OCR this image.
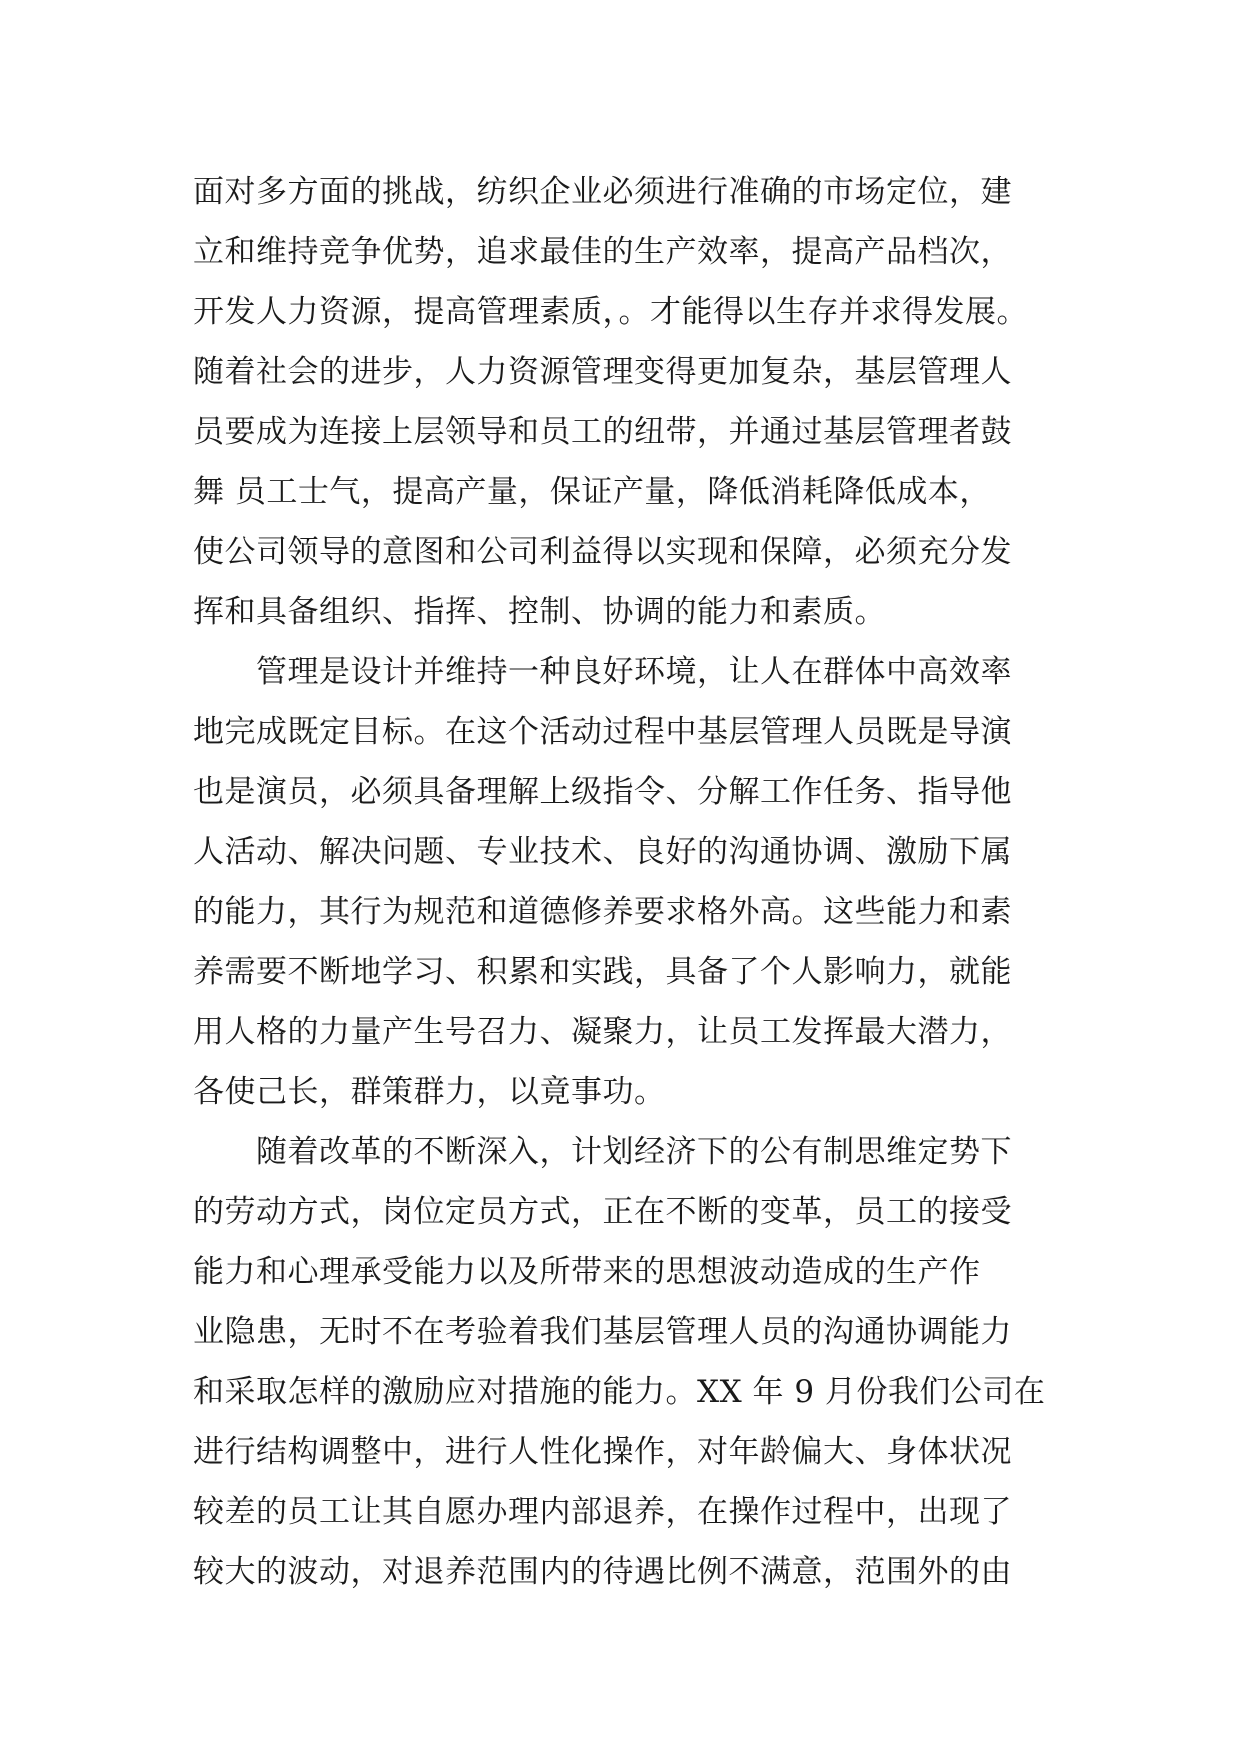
面对多方面的挑战，纺织企业必须进行准确的市场定位，建
立和维持竞争优势，追求最佳的生产效率，提高产品档次，
开发人力资源，提高管理素质，。才能得以生存并求得发展。
随着社会的进步，人力资源管理变得更加复杂，基层管理人
员要成为连接上层领导和员工的纽带，并通过基层管理者鼓
舞 员工士气，提高产量，保证产量，降低消耗降低成本，
使公司领导的意图和公司利益得以实现和保障，必须充分发
挥和具备组织、指挥、控制、协调的能力和素质。
　　管理是设计并维持一种良好环境，让人在群体中高效率
地完成既定目标。在这个活动过程中基层管理人员既是导演
也是演员，必须具备理解上级指令、分解工作任务、指导他
人活动、解决问题、专业技术、良好的沟通协调、激励下属
的能力，其行为规范和道德修养要求格外高。这些能力和素
养需要不断地学习、积累和实践，具备了个人影响力，就能
用人格的力量产生号召力、凝聚力，让员工发挥最大潜力，
各使己长，群策群力，以竟事功。
　　随着改革的不断深入，计划经济下的公有制思维定势下
的劳动方式，岗位定员方式，正在不断的变革，员工的接受
能力和心理承受能力以及所带来的思想波动造成的生产作
业隐患，无时不在考验着我们基层管理人员的沟通协调能力
和采取怎样的激励应对措施的能力。XX 年 9 月份我们公司在
进行结构调整中，进行人性化操作，对年龄偏大、身体状况
较差的员工让其自愿办理内部退养，在操作过程中，出现了
较大的波动，对退养范围内的待遇比例不满意，范围外的由
